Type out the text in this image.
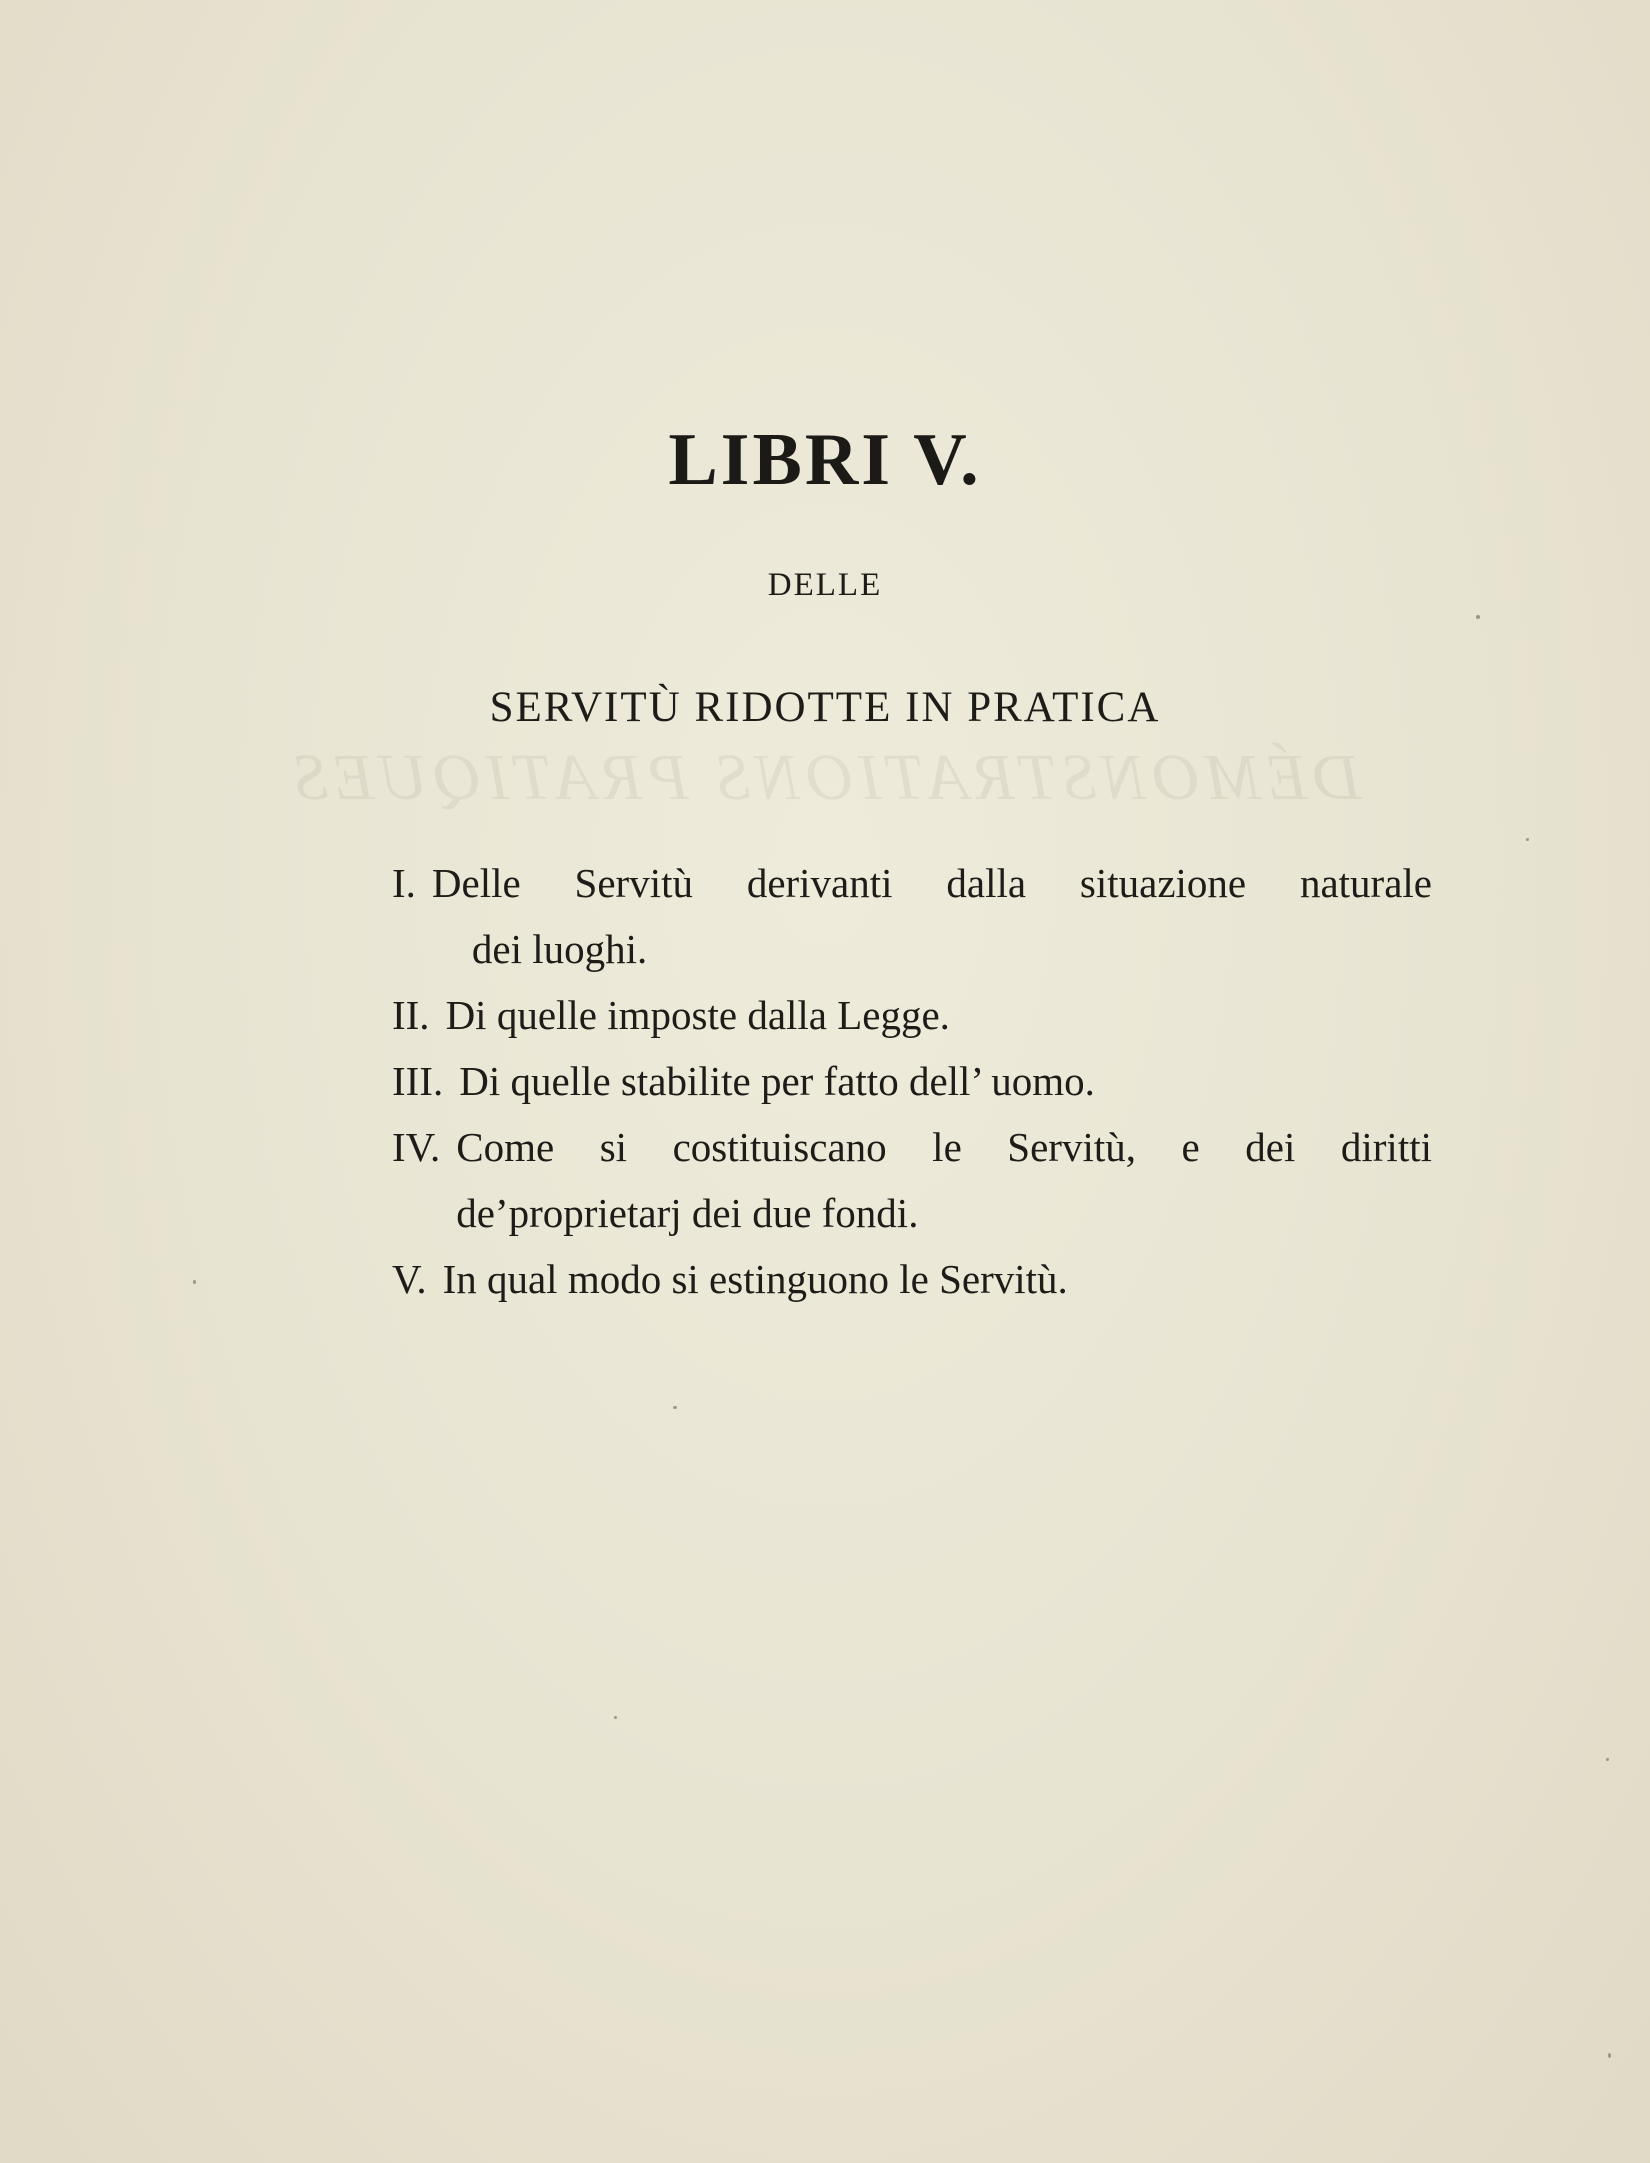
DÉMONSTRATIONS PRATIQUES
LIBRI V.
DELLE
SERVITÙ RIDOTTE IN PRATICA
I. Delle Servitù derivanti dalla situazione naturale
dei luoghi.
II. Di quelle imposte dalla Legge.
III. Di quelle stabilite per fatto dell’ uomo.
IV. Come si costituiscano le Servitù, e dei diritti
de’proprietarj dei due fondi.
V. In qual modo si estinguono le Servitù.
